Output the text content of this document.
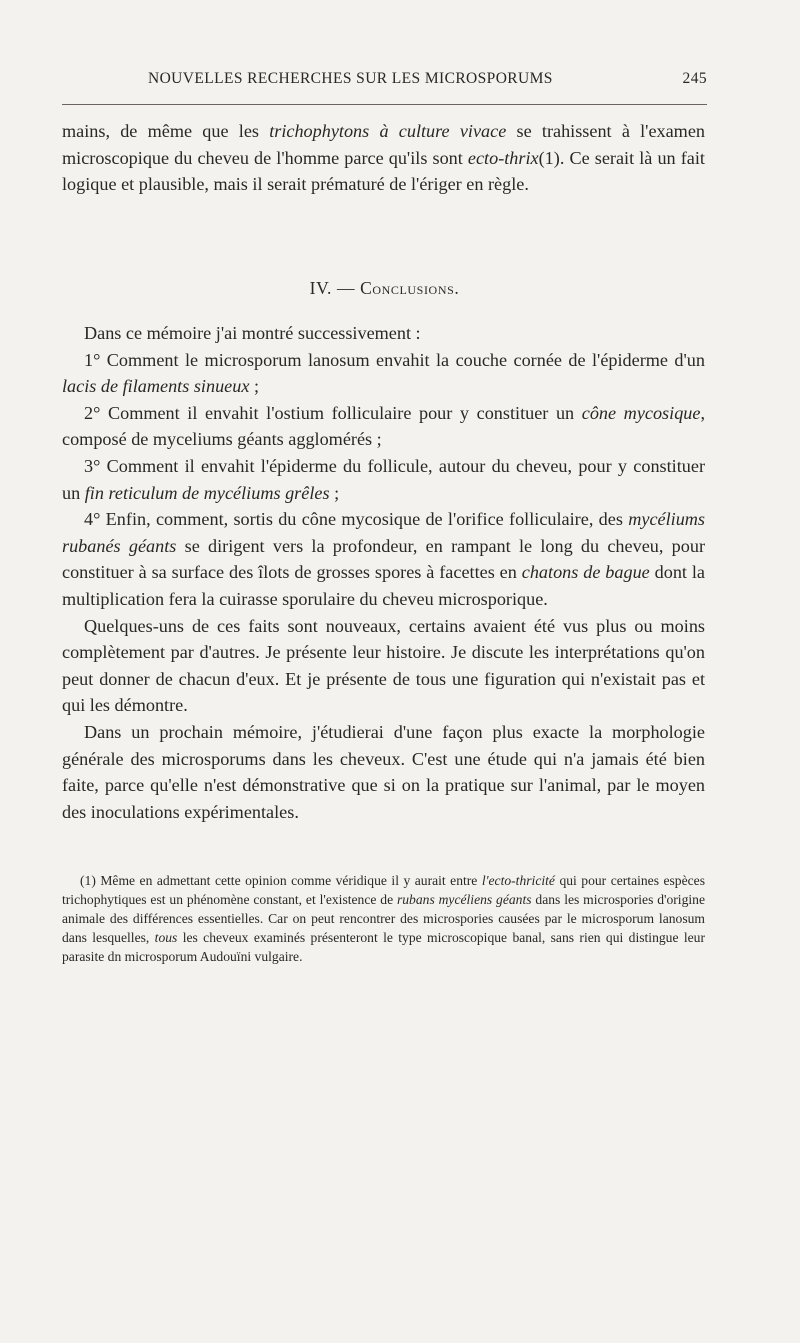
NOUVELLES RECHERCHES SUR LES MICROSPORUMS	245

mains, de même que les trichophytons à culture vivace se trahissent à l'examen microscopique du cheveu de l'homme parce qu'ils sont ecto-thrix(1). Ce serait là un fait logique et plausible, mais il serait prématuré de l'ériger en règle.

IV. — Conclusions.

Dans ce mémoire j'ai montré successivement :

1° Comment le microsporum lanosum envahit la couche cornée de l'épiderme d'un lacis de filaments sinueux ;

2° Comment il envahit l'ostium folliculaire pour y constituer un cône mycosique, composé de myceliums géants agglomérés ;

3° Comment il envahit l'épiderme du follicule, autour du cheveu, pour y constituer un fin reticulum de mycéliums grêles ;

4° Enfin, comment, sortis du cône mycosique de l'orifice folliculaire, des mycéliums rubanés géants se dirigent vers la profondeur, en rampant le long du cheveu, pour constituer à sa surface des îlots de grosses spores à facettes en chatons de bague dont la multiplication fera la cuirasse sporulaire du cheveu microsporique.

Quelques-uns de ces faits sont nouveaux, certains avaient été vus plus ou moins complètement par d'autres. Je présente leur histoire. Je discute les interprétations qu'on peut donner de chacun d'eux. Et je présente de tous une figuration qui n'existait pas et qui les démontre.

Dans un prochain mémoire, j'étudierai d'une façon plus exacte la morphologie générale des microsporums dans les cheveux. C'est une étude qui n'a jamais été bien faite, parce qu'elle n'est démonstrative que si on la pratique sur l'animal, par le moyen des inoculations expérimentales.

(1) Même en admettant cette opinion comme véridique il y aurait entre l'ecto-thricité qui pour certaines espèces trichophytiques est un phénomène constant, et l'existence de rubans mycéliens géants dans les microspories d'origine animale des différences essentielles. Car on peut rencontrer des microspories causées par le microsporum lanosum dans lesquelles, tous les cheveux examinés présenteront le type microscopique banal, sans rien qui distingue leur parasite dn microsporum Audouïni vulgaire.
